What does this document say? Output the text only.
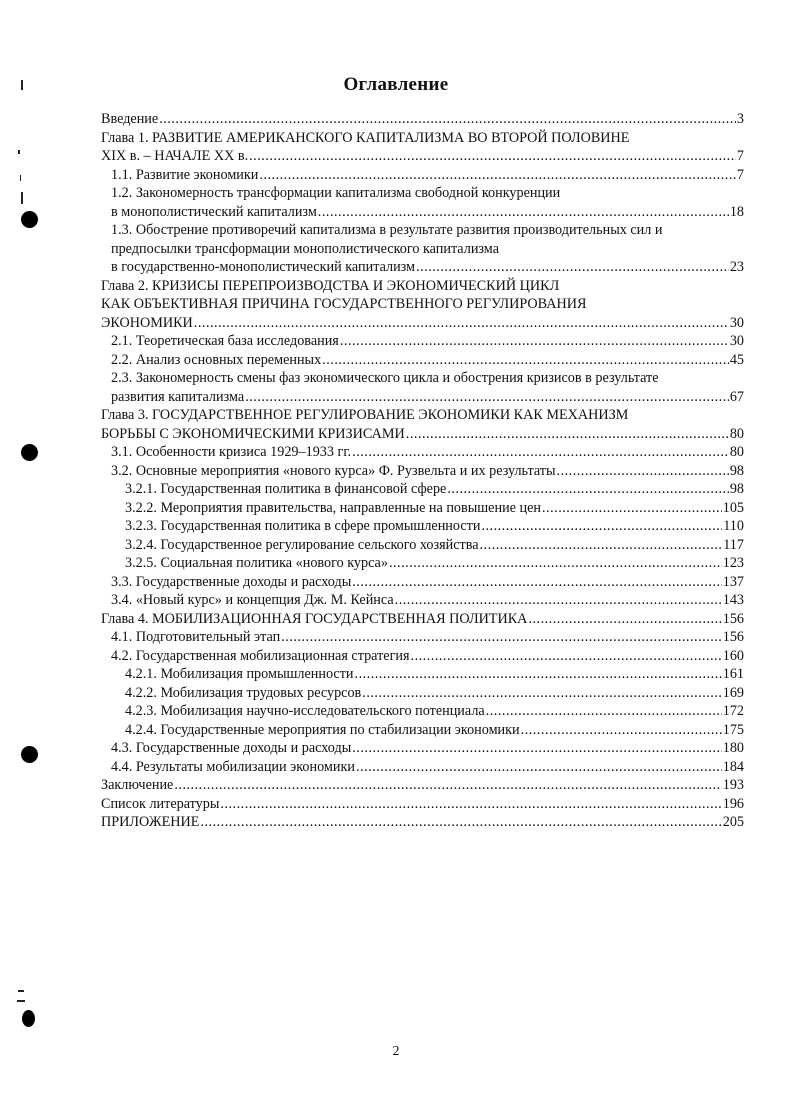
Оглавление
Введение .....	3
Глава 1. РАЗВИТИЕ АМЕРИКАНСКОГО КАПИТАЛИЗМА ВО ВТОРОЙ ПОЛОВИНЕ
XIX в. – НАЧАЛЕ XX в. .....	7
1.1. Развитие экономики .....	7
1.2. Закономерность трансформации капитализма свободной конкуренции
в монополистический капитализм .....	18
1.3. Обострение противоречий капитализма в результате развития производительных сил и
предпосылки трансформации монополистического капитализма
в государственно-монополистический капитализм .....	23
Глава 2. КРИЗИСЫ ПЕРЕПРОИЗВОДСТВА И ЭКОНОМИЧЕСКИЙ ЦИКЛ
КАК ОБЪЕКТИВНАЯ ПРИЧИНА ГОСУДАРСТВЕННОГО РЕГУЛИРОВАНИЯ
ЭКОНОМИКИ .....	30
2.1. Теоретическая база исследования .....	30
2.2. Анализ основных переменных .....	45
2.3. Закономерность смены фаз экономического цикла и обострения кризисов в результате
развития капитализма .....	67
Глава 3. ГОСУДАРСТВЕННОЕ РЕГУЛИРОВАНИЕ ЭКОНОМИКИ КАК МЕХАНИЗМ
БОРЬБЫ С ЭКОНОМИЧЕСКИМИ КРИЗИСАМИ .....	80
3.1. Особенности кризиса 1929–1933 гг. .....	80
3.2. Основные мероприятия «нового курса» Ф. Рузвельта и их результаты .....	98
3.2.1. Государственная политика в финансовой сфере .....	98
3.2.2. Мероприятия правительства, направленные на повышение цен .....	105
3.2.3. Государственная политика в сфере промышленности .....	110
3.2.4. Государственное регулирование сельского хозяйства .....	117
3.2.5. Социальная политика «нового курса» .....	123
3.3. Государственные доходы и расходы .....	137
3.4. «Новый курс» и концепция Дж. М. Кейнса .....	143
Глава 4. МОБИЛИЗАЦИОННАЯ ГОСУДАРСТВЕННАЯ ПОЛИТИКА .....	156
4.1. Подготовительный этап .....	156
4.2. Государственная мобилизационная стратегия .....	160
4.2.1. Мобилизация промышленности .....	161
4.2.2. Мобилизация трудовых ресурсов .....	169
4.2.3. Мобилизация научно-исследовательского потенциала .....	172
4.2.4. Государственные мероприятия по стабилизации экономики .....	175
4.3. Государственные доходы и расходы .....	180
4.4. Результаты мобилизации экономики .....	184
Заключение .....	193
Список литературы .....	196
ПРИЛОЖЕНИЕ .....	205
2
